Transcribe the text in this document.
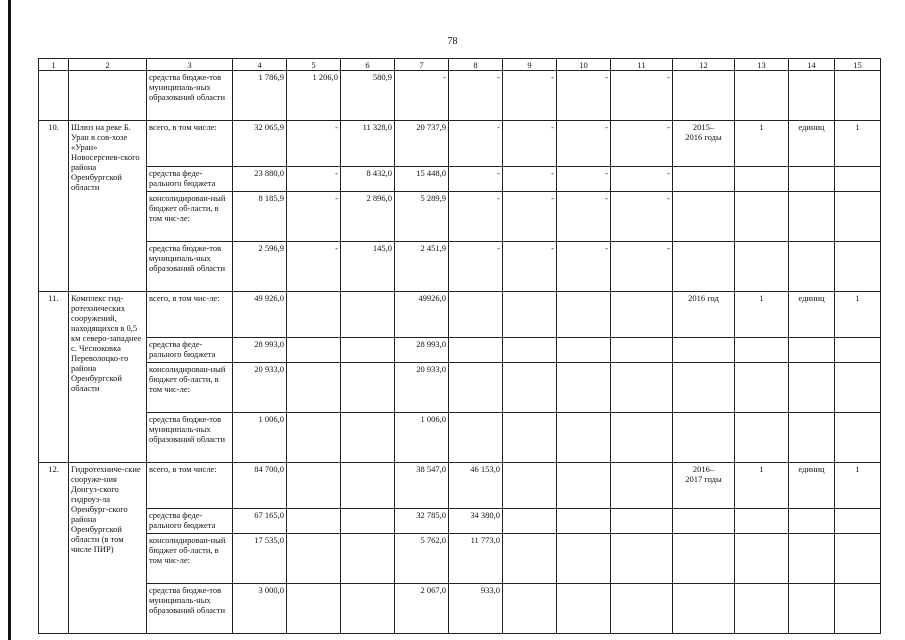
78
1	2	3	4	5	6	7	8	9	10	11	12	13	14	15
		средства бюдже-тов муниципаль-ных образований области	1 786,9	1 206,0	580,9	-	-	-	-	-				
10.	Шлюз на реке Б. Уран в сов-хозе «Уран» Новосергиев-ского района Оренбургской области	всего, в том числе:	32 065,9	-	11 328,0	20 737,9	-	-	-	-	2015–
2016 годы	1	единиц	1
		средства феде-рального бюджета	23 880,0	-	8 432,0	15 448,0	-	-	-	-				
		консолидирован-ный бюджет об-ласти, в том чис-ле:	8 185,9	-	2 896,0	5 289,9	-	-	-	-				
		средства бюдже-тов муниципаль-ных образований области	2 596,9	-	145,0	2 451,9	-	-	-	-				
11.	Комплекс гид-ротехнических сооружений, находящихся в 0,5 км северо-западнее с. Чесноковка Переволоцко-го района Оренбургской области	всего, в том чис-ле:	49 926,0			49926,0					2016 год	1	единиц	1
		средства феде-рального бюджета	28 993,0			28 993,0								
		консолидирован-ный бюджет об-ласти, в том чис-ле:	20 933,0			20 933,0								
		средства бюдже-тов муниципаль-ных образований области	1 006,0			1 006,0								
12.	Гидротехниче-ские сооруже-ния Донгуз-ского гидроуз-ла Оренбург-ского района Оренбургской области (в том числе ПИР)	всего, в том числе:	84 700,0			38 547,0	46 153,0				2016–
2017 годы	1	единиц	1
		средства феде-рального бюджета	67 165,0			32 785,0	34 380,0							
		консолидирован-ный бюджет об-ласти, в том чис-ле:	17 535,0			5 762,0	11 773,0							
		средства бюдже-тов муниципаль-ных образований области	3 000,0			2 067,0	933,0							
